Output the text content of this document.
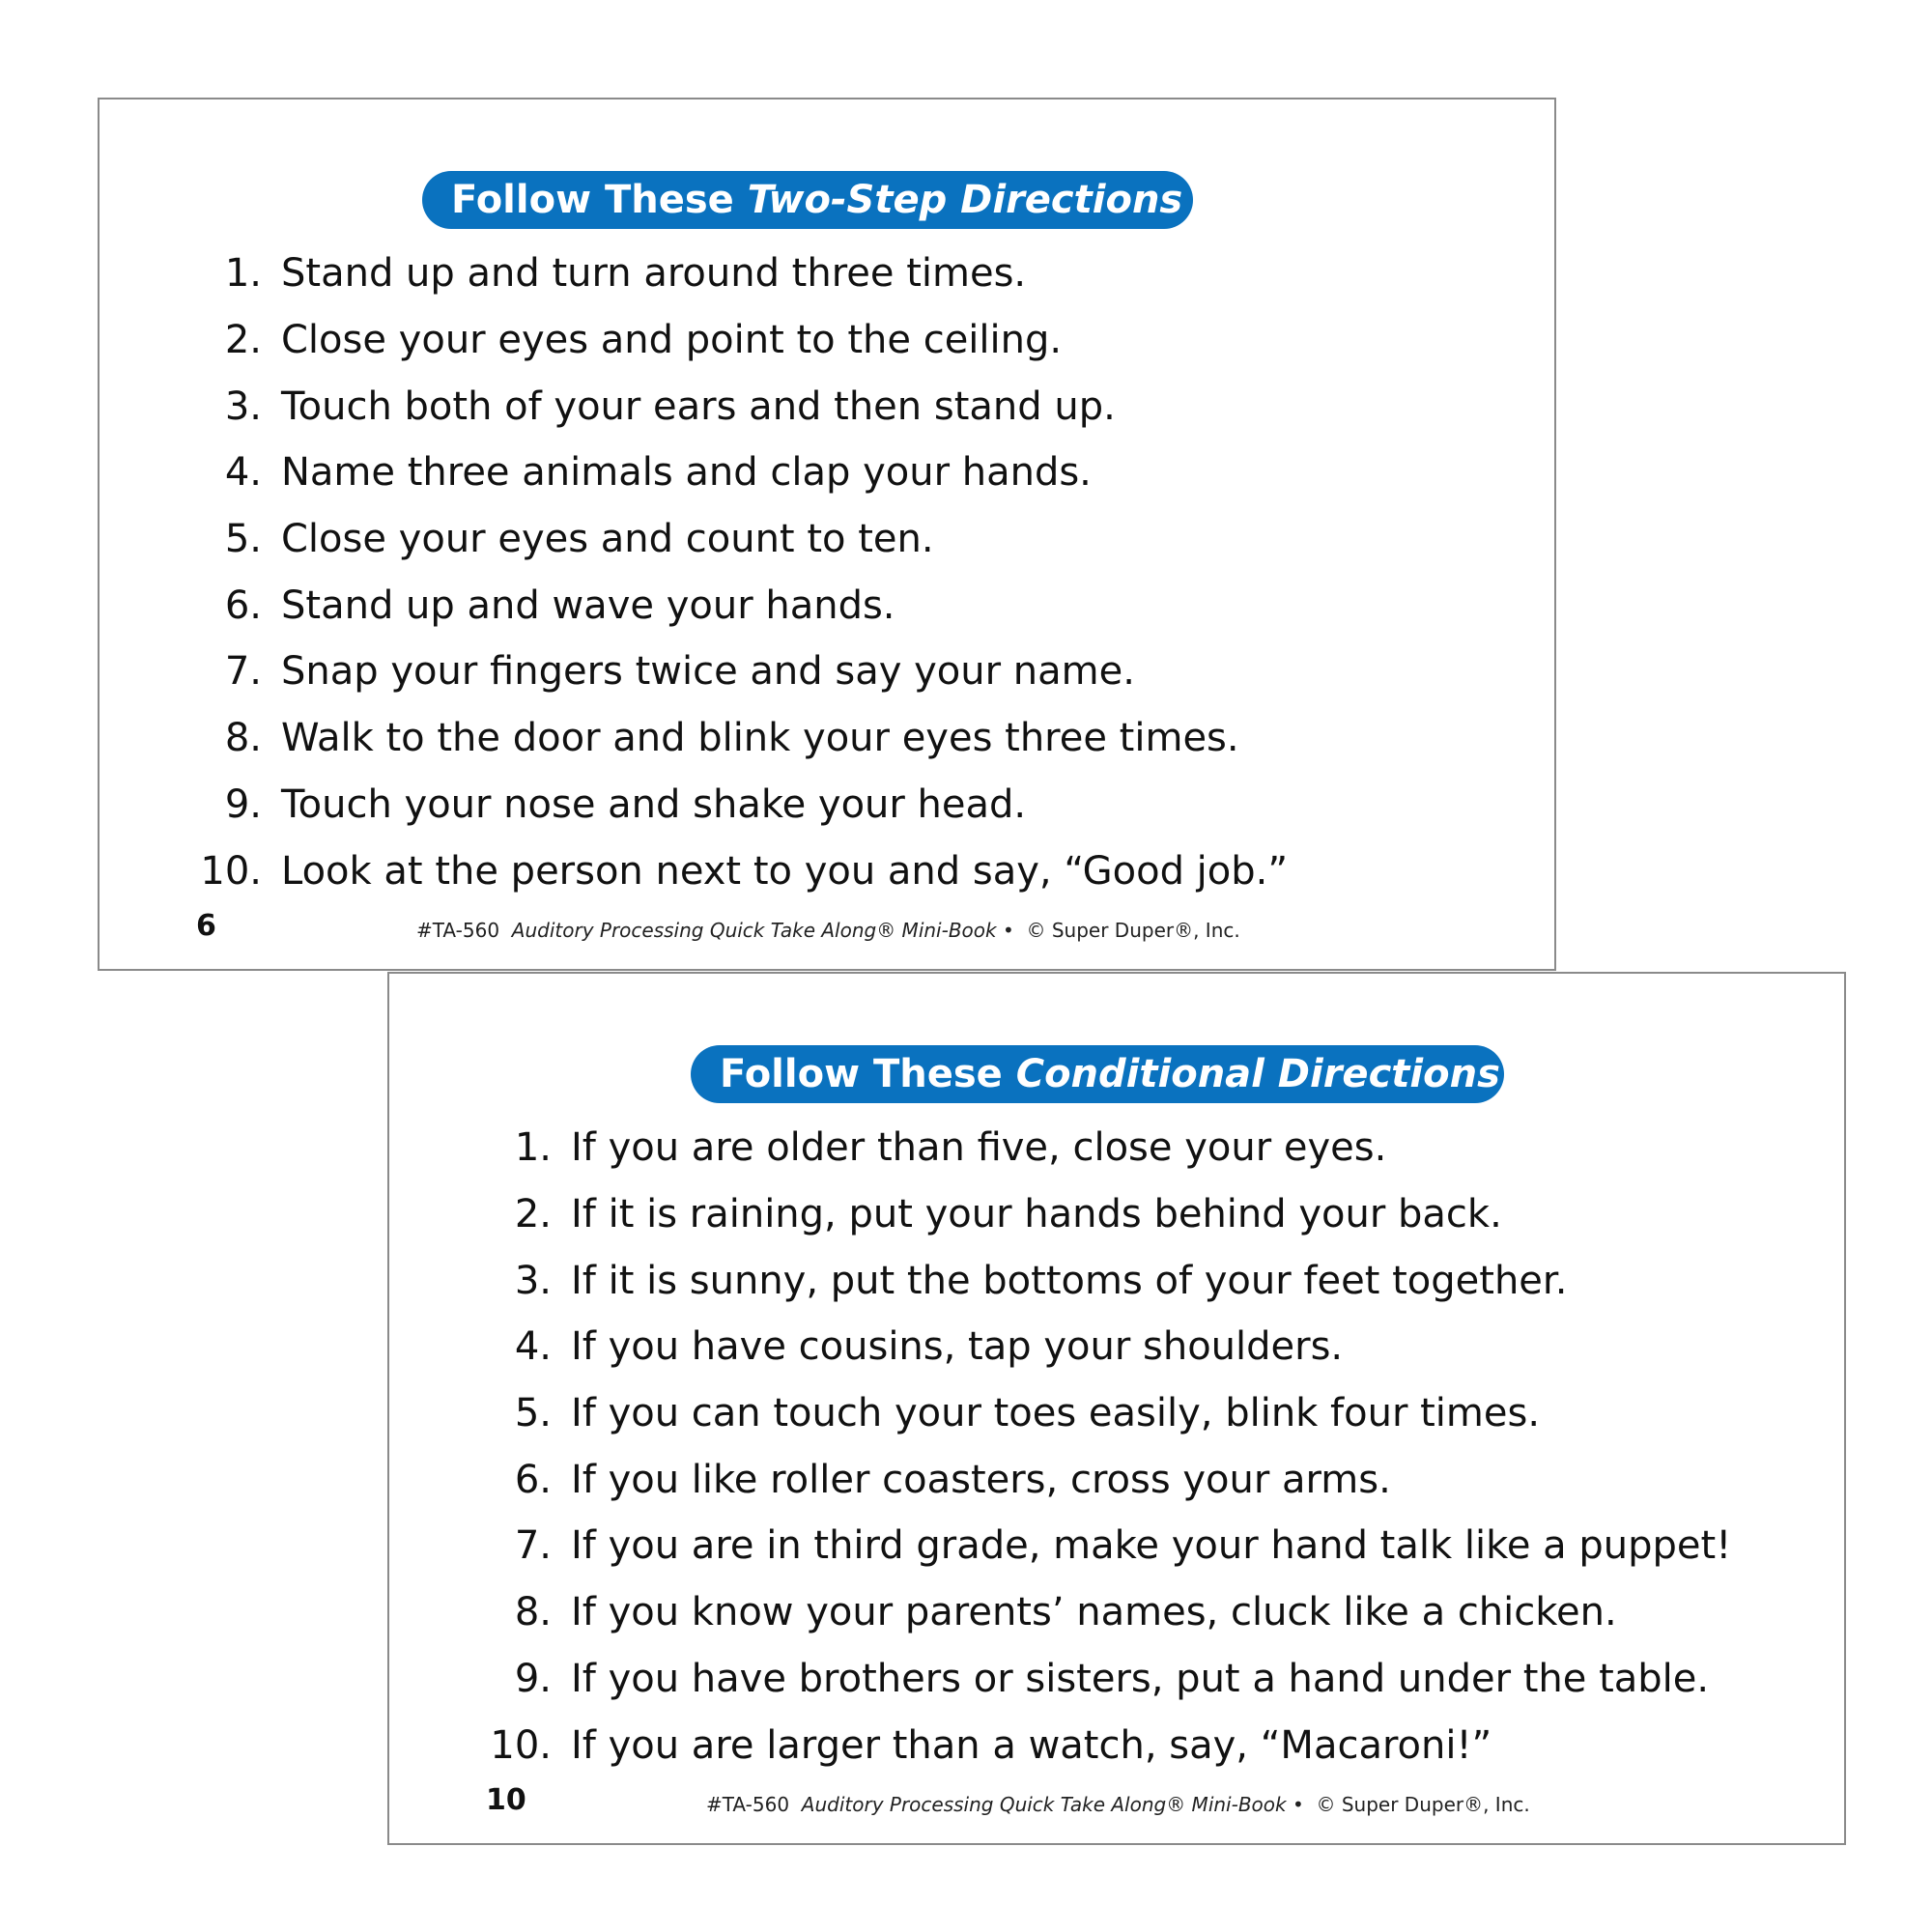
Follow These Two-Step Directions
1. Stand up and turn around three times.
2. Close your eyes and point to the ceiling.
3. Touch both of your ears and then stand up.
4. Name three animals and clap your hands.
5. Close your eyes and count to ten.
6. Stand up and wave your hands.
7. Snap your fingers twice and say your name.
8. Walk to the door and blink your eyes three times.
9. Touch your nose and shake your head.
10. Look at the person next to you and say, “Good job.”
6	#TA-560 Auditory Processing Quick Take Along® Mini-Book • © Super Duper®, Inc.
Follow These Conditional Directions
1. If you are older than five, close your eyes.
2. If it is raining, put your hands behind your back.
3. If it is sunny, put the bottoms of your feet together.
4. If you have cousins, tap your shoulders.
5. If you can touch your toes easily, blink four times.
6. If you like roller coasters, cross your arms.
7. If you are in third grade, make your hand talk like a puppet!
8. If you know your parents’ names, cluck like a chicken.
9. If you have brothers or sisters, put a hand under the table.
10. If you are larger than a watch, say, “Macaroni!”
10	#TA-560 Auditory Processing Quick Take Along® Mini-Book • © Super Duper®, Inc.
